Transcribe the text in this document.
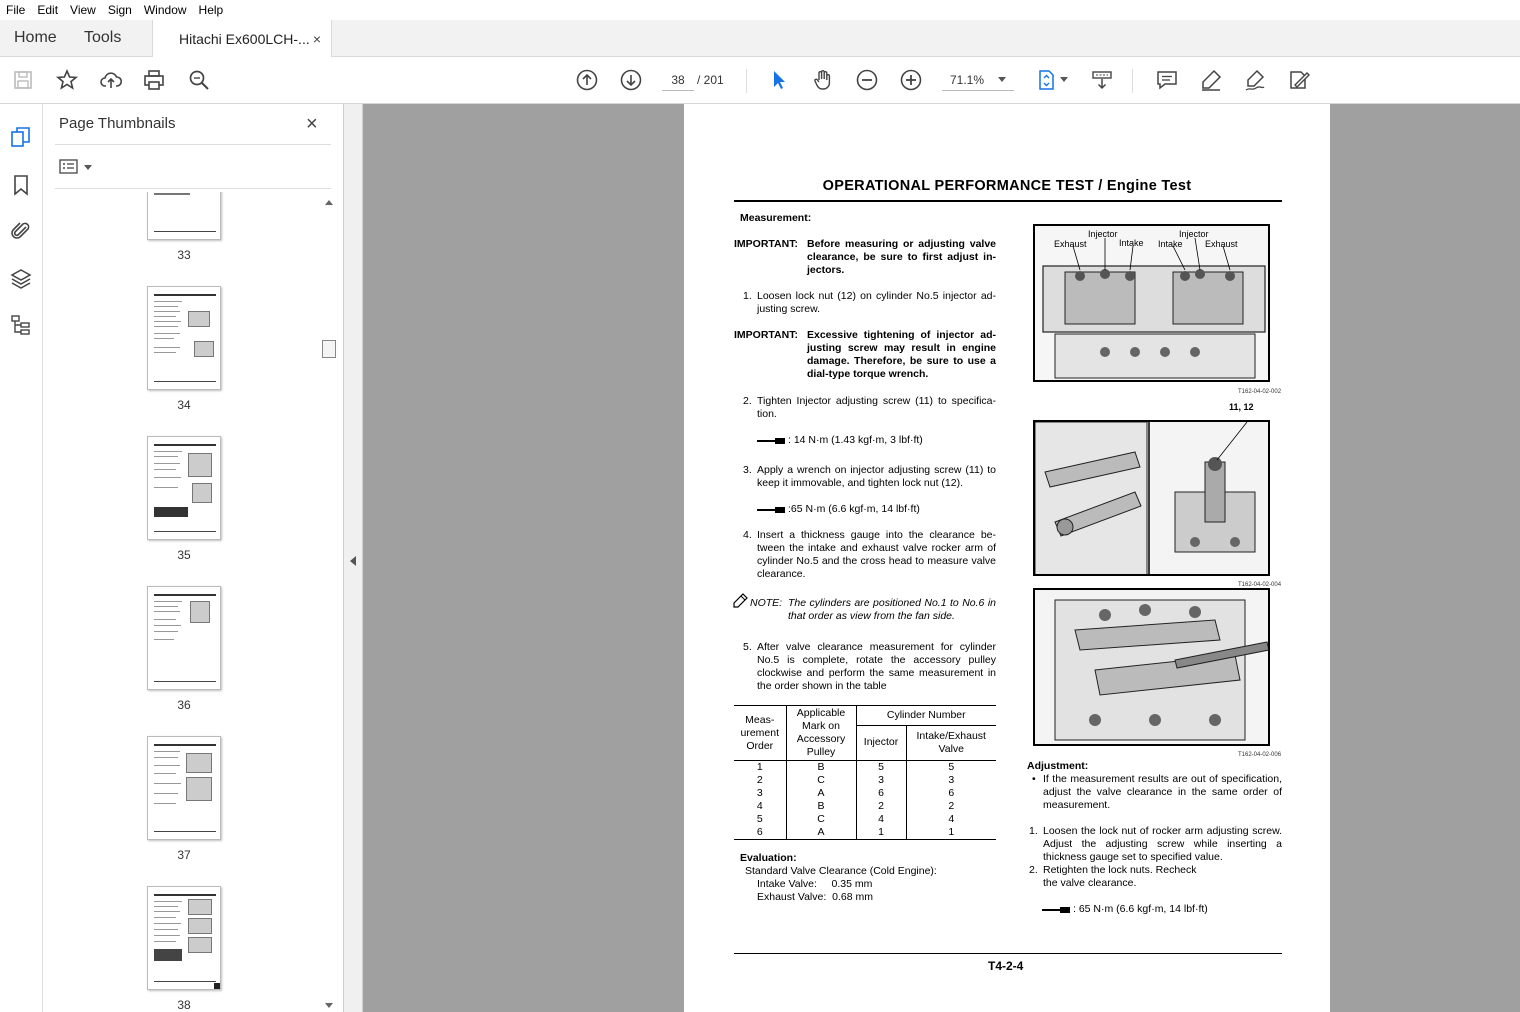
File	Edit	View	Sign	Window	Help
Home	Tools	Hitachi Ex600LCH-... ×
38	/ 201	71.1%
Page Thumbnails	×
33
34
35
36
37
38
OPERATIONAL PERFORMANCE TEST / Engine Test
Measurement:
IMPORTANT: Before measuring or adjusting valve clearance, be sure to first adjust in- jectors.
1. Loosen lock nut (12) on cylinder No.5 injector ad- justing screw.
IMPORTANT: Excessive tightening of injector ad- justing screw may result in engine damage. Therefore, be sure to use a dial-type torque wrench.
2. Tighten Injector adjusting screw (11) to specifica- tion.
: 14 N·m (1.43 kgf·m, 3 lbf·ft)
3. Apply a wrench on injector adjusting screw (11) to keep it immovable, and tighten lock nut (12).
:65 N·m (6.6 kgf·m, 14 lbf·ft)
4. Insert a thickness gauge into the clearance be- tween the intake and exhaust valve rocker arm of cylinder No.5 and the cross head to measure valve clearance.
NOTE: The cylinders are positioned No.1 to No.6 in that order as view from the fan side.
5. After valve clearance measurement for cylinder No.5 is complete, rotate the accessory pulley clockwise and perform the same measurement in the order shown in the table
Meas- urement Order	Applicable Mark on Accessory Pulley	Cylinder Number	
		Injector	Intake/Exhaust Valve
1	B	5	5
2	C	3	3
3	A	6	6
4	B	2	2
5	C	4	4
6	A	1	1
Evaluation:
Standard Valve Clearance (Cold Engine):
Intake Valve:     0.35 mm
Exhaust Valve:  0.68 mm
Injector	Injector
Exhaust	Intake Intake Exhaust
T162-04-02-002
11, 12
T162-04-02-004
T162-04-02-006
Adjustment:
• If the measurement results are out of specification, adjust the valve clearance in the same order of measurement.
1. Loosen the lock nut of rocker arm adjusting screw. Adjust the adjusting screw while inserting a thickness gauge set to specified value.
2. Retighten the lock nuts. Recheck the valve clearance.
: 65 N·m (6.6 kgf·m, 14 lbf·ft)
T4-2-4
